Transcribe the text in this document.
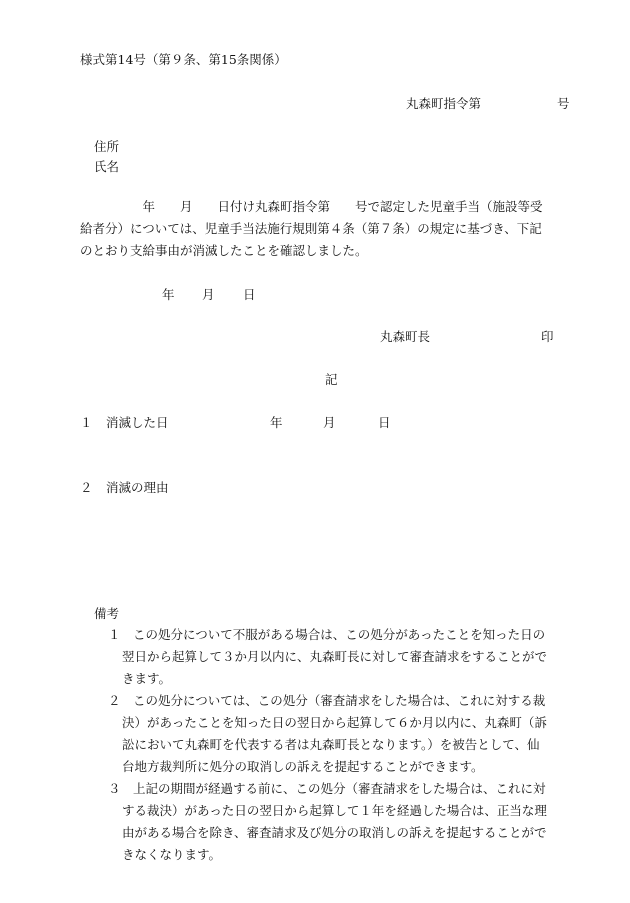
様式第14号（第９条、第15条関係）
丸森町指令第	号
住所
氏名
　　　　　年　　月　　日付け丸森町指令第　　号で認定した児童手当（施設等受
給者分）については、児童手当法施行規則第４条（第７条）の規定に基づき、下記
のとおり支給事由が消滅したことを確認しました。
年 月 日
丸森町長	印
記
１ 消滅した日	年	月	日
２ 消滅の理由
備考
１　この処分について不服がある場合は、この処分があったことを知った日の
翌日から起算して３か月以内に、丸森町長に対して審査請求をすることがで
きます。
２　この処分については、この処分（審査請求をした場合は、これに対する裁
決）があったことを知った日の翌日から起算して６か月以内に、丸森町（訴
訟において丸森町を代表する者は丸森町長となります。）を被告として、仙
台地方裁判所に処分の取消しの訴えを提起することができます。
３　上記の期間が経過する前に、この処分（審査請求をした場合は、これに対
する裁決）があった日の翌日から起算して１年を経過した場合は、正当な理
由がある場合を除き、審査請求及び処分の取消しの訴えを提起することがで
きなくなります。
